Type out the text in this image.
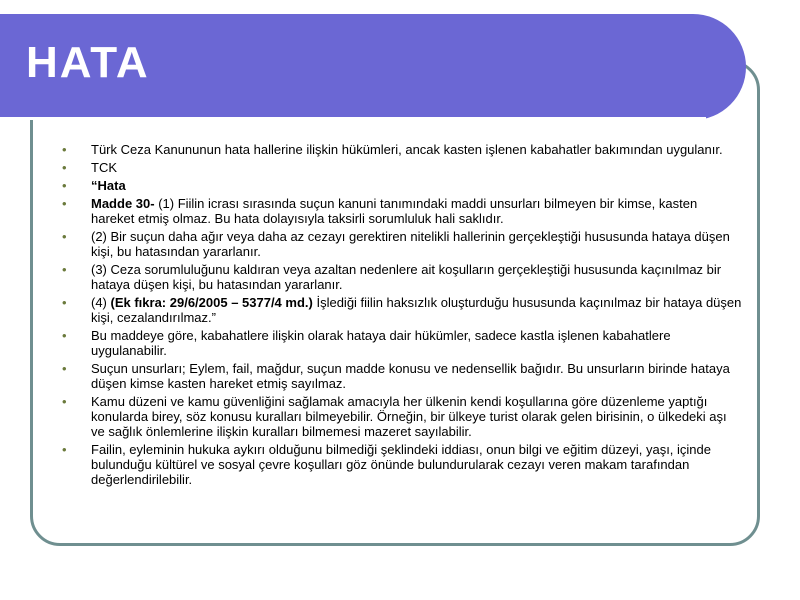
HATA
• Türk Ceza Kanununun hata hallerine ilişkin hükümleri, ancak kasten işlenen kabahatler bakımından uygulanır.
• TCK
• “Hata
• Madde 30- (1) Fiilin icrası sırasında suçun kanuni tanımındaki maddi unsurları bilmeyen bir kimse, kasten hareket etmiş olmaz. Bu hata dolayısıyla taksirli sorumluluk hali saklıdır.
• (2) Bir suçun daha ağır veya daha az cezayı gerektiren nitelikli hallerinin gerçekleştiği hususunda hataya düşen kişi, bu hatasından yararlanır.
• (3) Ceza sorumluluğunu kaldıran veya azaltan nedenlere ait koşulların gerçekleştiği hususunda kaçınılmaz bir hataya düşen kişi, bu hatasından yararlanır.
• (4) (Ek fıkra: 29/6/2005 – 5377/4 md.) İşlediği fiilin haksızlık oluşturduğu hususunda kaçınılmaz bir hataya düşen kişi, cezalandırılmaz.”
• Bu maddeye göre, kabahatlere ilişkin olarak hataya dair hükümler, sadece kastla işlenen kabahatlere uygulanabilir.
• Suçun unsurları; Eylem, fail, mağdur, suçun madde konusu ve nedensellik bağıdır. Bu unsurların birinde hataya düşen kimse kasten hareket etmiş sayılmaz.
• Kamu düzeni ve kamu güvenliğini sağlamak amacıyla her ülkenin kendi koşullarına göre düzenleme yaptığı konularda birey, söz konusu kuralları bilmeyebilir. Örneğin, bir ülkeye turist olarak gelen birisinin, o ülkedeki aşı ve sağlık önlemlerine ilişkin kuralları bilmemesi mazeret sayılabilir.
• Failin, eyleminin hukuka aykırı olduğunu bilmediği şeklindeki iddiası, onun bilgi ve eğitim düzeyi, yaşı, içinde bulunduğu kültürel ve sosyal çevre koşulları göz önünde bulundurularak cezayı veren makam tarafından değerlendirilebilir.
